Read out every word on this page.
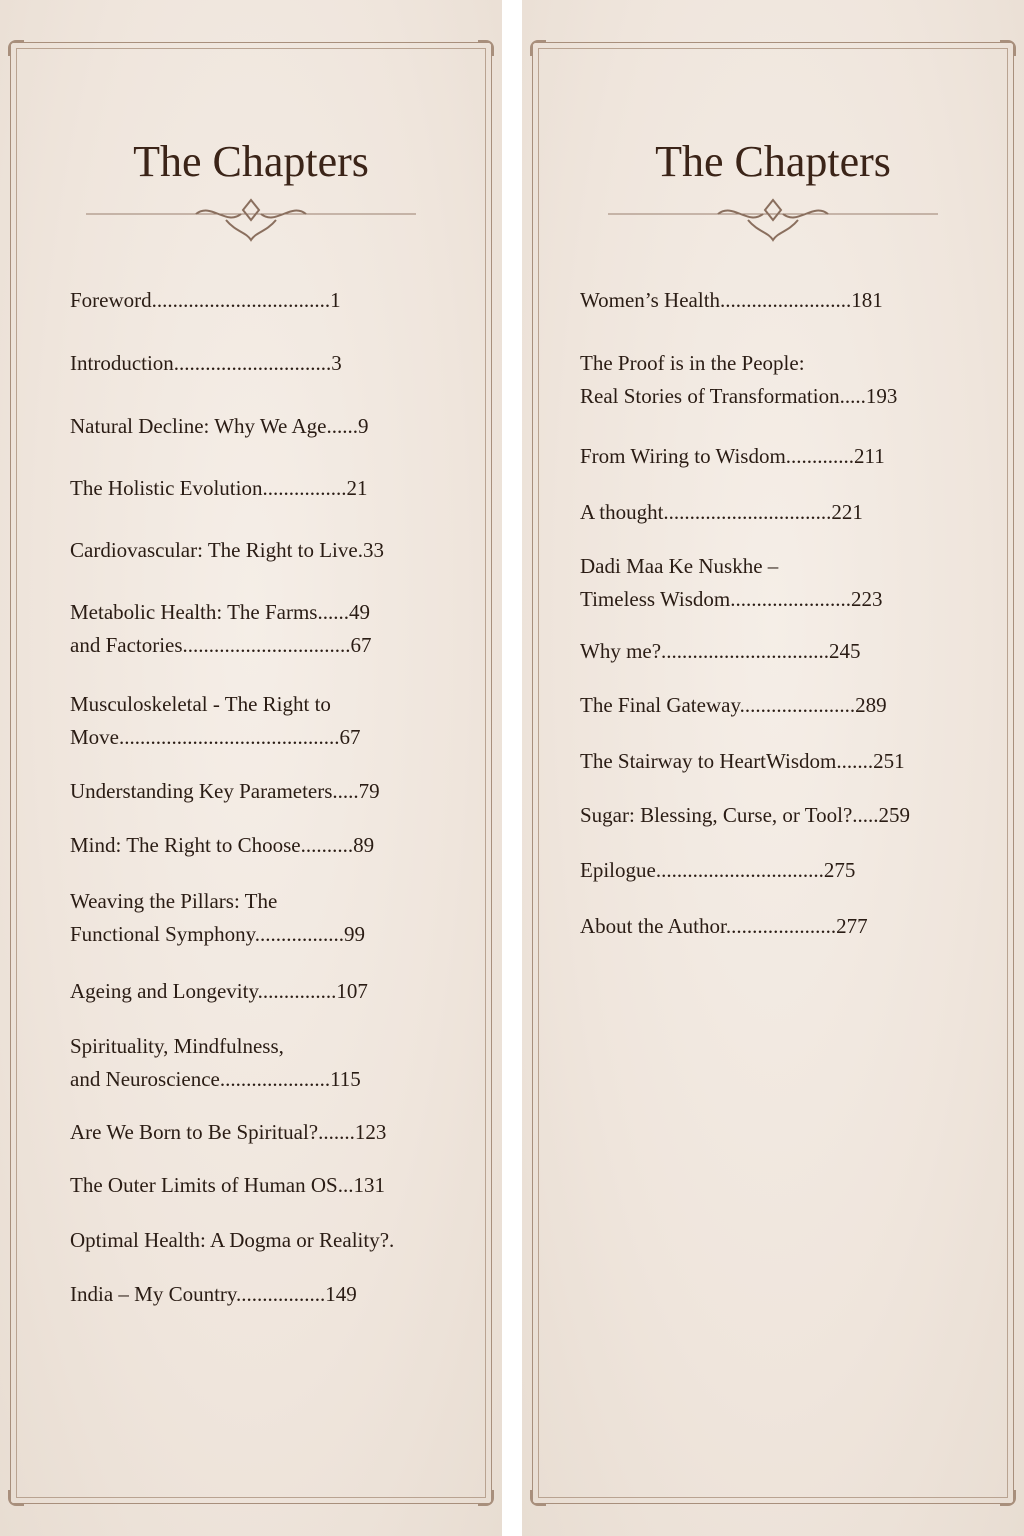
The Chapters
Foreword..................................1
Introduction..............................3
Natural Decline: Why We Age......9
The Holistic Evolution................21
Cardiovascular: The Right to Live.33
Metabolic Health: The Farms......49
and Factories................................67
Musculoskeletal - The Right to
Move..........................................67
Understanding Key Parameters.....79
Mind: The Right to Choose..........89
Weaving the Pillars: The
Functional Symphony.................99
Ageing and Longevity...............107
Spirituality, Mindfulness,
and Neuroscience.....................115
Are We Born to Be Spiritual?.......123
The Outer Limits of Human OS...131
Optimal Health: A Dogma or Reality?.
India – My Country.................149
The Chapters
Women’s Health.........................181
The Proof is in the People:
Real Stories of Transformation.....193
From Wiring to Wisdom.............211
A thought................................221
Dadi Maa Ke Nuskhe –
Timeless Wisdom.......................223
Why me?................................245
The Final Gateway......................289
The Stairway to HeartWisdom.......251
Sugar: Blessing, Curse, or Tool?.....259
Epilogue................................275
About the Author.....................277
